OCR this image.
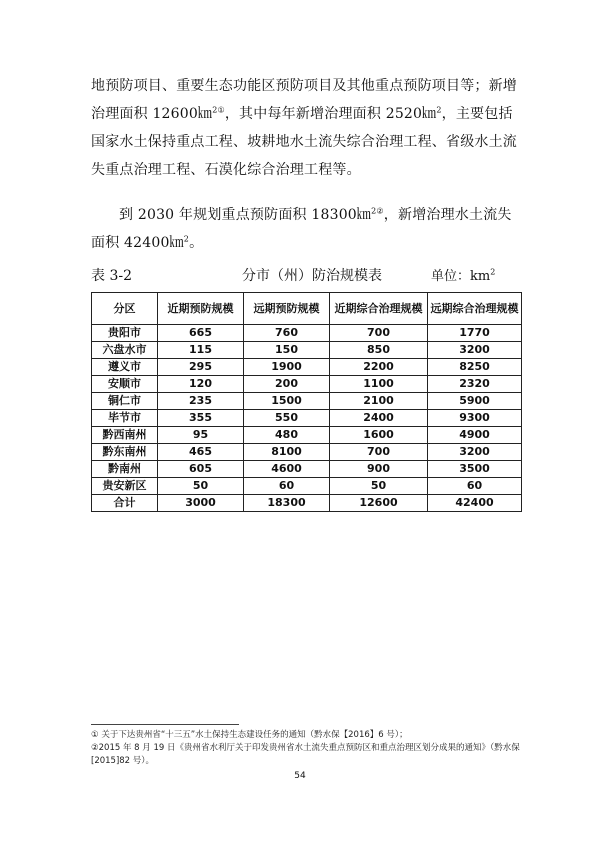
地预防项目、重要生态功能区预防项目及其他重点预防项目等；新增治理面积 12600㎞$^{2①}$，其中每年新增治理面积 2520㎞$^2$，主要包括国家水土保持重点工程、坡耕地水土流失综合治理工程、省级水土流失重点治理工程、石漠化综合治理工程等。
到 2030 年规划重点预防面积 18300㎞$^{2②}$，新增治理水土流失面积 42400㎞$^2$。
表 3-2	分市（州）防治规模表	单位：$km^2$
分区	近期预防规模	远期预防规模	近期综合治理规模	远期综合治理规模
贵阳市	665	760	700	1770
六盘水市	115	150	850	3200
遵义市	295	1900	2200	8250
安顺市	120	200	1100	2320
铜仁市	235	1500	2100	5900
毕节市	355	550	2400	9300
黔西南州	95	480	1600	4900
黔东南州	465	8100	700	3200
黔南州	605	4600	900	3500
贵安新区	50	60	50	60
合计	3000	18300	12600	42400
① 关于下达贵州省“十三五”水土保持生态建设任务的通知（黔水保【2016】6 号）；
②2015 年 8 月 19 日《贵州省水利厅关于印发贵州省水土流失重点预防区和重点治理区划分成果的通知》（黔水保[2015]82 号）。
54
